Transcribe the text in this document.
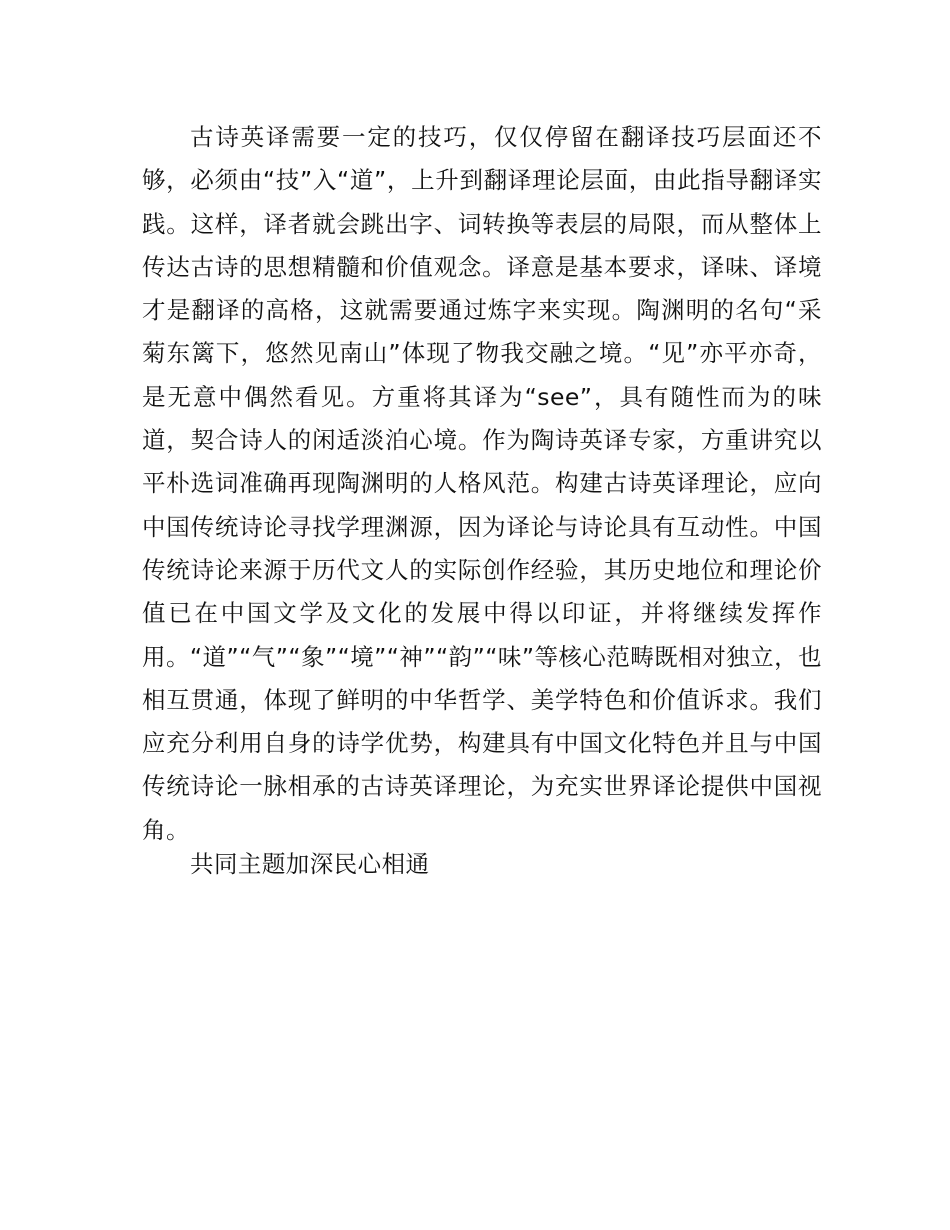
古诗英译需要一定的技巧，仅仅停留在翻译技巧层面还不够，必须由“技”入“道”，上升到翻译理论层面，由此指导翻译实践。这样，译者就会跳出字、词转换等表层的局限，而从整体上传达古诗的思想精髓和价值观念。译意是基本要求，译味、译境才是翻译的高格，这就需要通过炼字来实现。陶渊明的名句“采菊东篱下，悠然见南山”体现了物我交融之境。“见”亦平亦奇，是无意中偶然看见。方重将其译为“see”，具有随性而为的味道，契合诗人的闲适淡泊心境。作为陶诗英译专家，方重讲究以平朴选词准确再现陶渊明的人格风范。构建古诗英译理论，应向中国传统诗论寻找学理渊源，因为译论与诗论具有互动性。中国传统诗论来源于历代文人的实际创作经验，其历史地位和理论价值已在中国文学及文化的发展中得以印证，并将继续发挥作用。“道”“气”“象”“境”“神”“韵”“味”等核心范畴既相对独立，也相互贯通，体现了鲜明的中华哲学、美学特色和价值诉求。我们应充分利用自身的诗学优势，构建具有中国文化特色并且与中国传统诗论一脉相承的古诗英译理论，为充实世界译论提供中国视角。

共同主题加深民心相通
